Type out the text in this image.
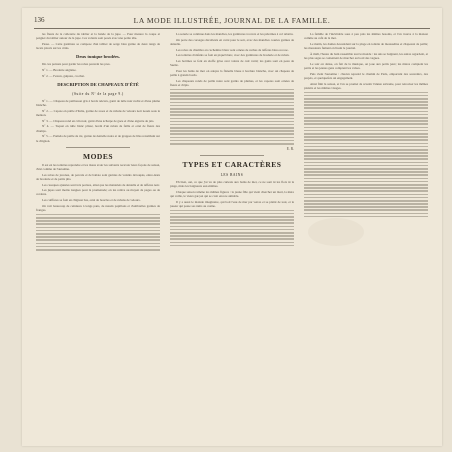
136	LA MODE ILLUSTRÉE, JOURNAL DE LA FAMILLE.

les fleurs de la collerette du tablier et la bande de la jupe. — Pour mesure la coupe et poignet du tablier autour de la jupe. Ces volants sont posés avec une petite tête.

Passe. — Cette garniture se compose d'un tablier de serge bleu garnie de deux rangs de lacets placés sur les côtés.

Deux tunique brodées.

Dn. les patrons pour garnir les robes peuvent les pres.

Nº 1. — Broderie anglaise.

Nº 2. — Feston, guipure, crochet.

DESCRIPTION DE CHAPEAUX D'ÉTÉ
(Suite du Nº de la page 9.)

Nº 1. — Chapeau de paillasson gris à bords relevés, garni de tulle noir ruché et d'une plume blanche.

Nº 2. — Capote en paille d'Italie, garnie de roses et de rubans de velours noir noués sous le menton.

Nº 3. — Chapeau rond en crin noir, garni d'une écharpe de gaze et d'une aigrette de jais.

Nº 4. — Toquet en tulle blanc plissé, bordé d'un ruban de faille et orné de fleurs des champs.

Nº 5. — Pamela de paille de riz, garnie de dentelle noire et de grappes de lilas retombant sur le chignon.

MODES

Il est en les toilettes reprendre et les tissus avoir les suivants recevoir leurs façons de saison, d'été comme de l'automne.

Les robes de jaconas, de percale et de batiste sont garnies de volants découpés, entre-deux de broderie et de petits plis.

Les casaques ajustées sont très portées, ainsi que les mantelets de dentelle et de taffetas noir.

Les jupes sont moins longues pour la promenade; on les relève au moyen de pages ou de cordons.

Les coiffures se font en chignon bas, orné de boucles et de rubans de velours.

On voit beaucoup de ceintures à longs pans, de nœuds papillons et d'ombrelles garnies de franges.

La soierie se continue dans les manches, les garnitures à revers et les pèlerines à col rabattu.

On porte des corsages décolletés en carré pour le soir, avec des manches courtes garnies de dentelle.

Les robes de chambre en cachemire blanc sont ornées de ruches de taffetas bleu ou rose.

Les toilettes d'enfants se font en piqué blanc, avec des garnitures de broderie et de ruban.

Les bottines se font en étoffe grise avec talons de cuir verni; les gants sont en peau de Suède.

Pour les bains de mer on adopte la flanelle bleue à bordure blanche, avec un chapeau de paille à grands bords.

Les chapeaux ronds de paille noire sont garnis de plumes, et les capotes sont ornées de fleurs et d'épis.

E. R.
TYPES ET CARACTÈRES
LES BAINS

Eh bien, oui, ce que j'ai vu de plus curieux aux bains de mer, ce ne sont ni les flots ni la plage, mais les baigneurs eux-mêmes.

Chaque saison ramène les mêmes figures : la jeune fille qui vient chercher un mari, la mère qui veille, le vieux garçon qui se croit encore aimable.

Il y a aussi le malade imaginaire, qui boit l'eau de mer par verres et se plaint de tout, et le joueur qui passe ses nuits au casino.

La famille de l'inévitable sous à peu près les mêmes besoins, et l'on trouve à la maison comme au café de la mer.

Le matin, les dames descendent sur la plage en toilette de mousseline et chapeaux de paille; les messieurs fument en lisant le journal.

À midi, l'heure du bain rassemble tout le monde : les uns se baignent, les autres regardent, et les plus sages se contentent de marcher au bord des vagues.

Le soir on danse, on fait de la musique, on joue aux petits jeux; les mères comptent les partis et les jeunes gens comptent les valses.

Puis vient l'automne : chacun reprend le chemin de Paris, emportant des souvenirs, des projets, et quelquefois un engagement.

Ainsi finit la saison, et l'on se promet de revenir l'année suivante, pour retrouver les mêmes plaisirs et les mêmes visages.
